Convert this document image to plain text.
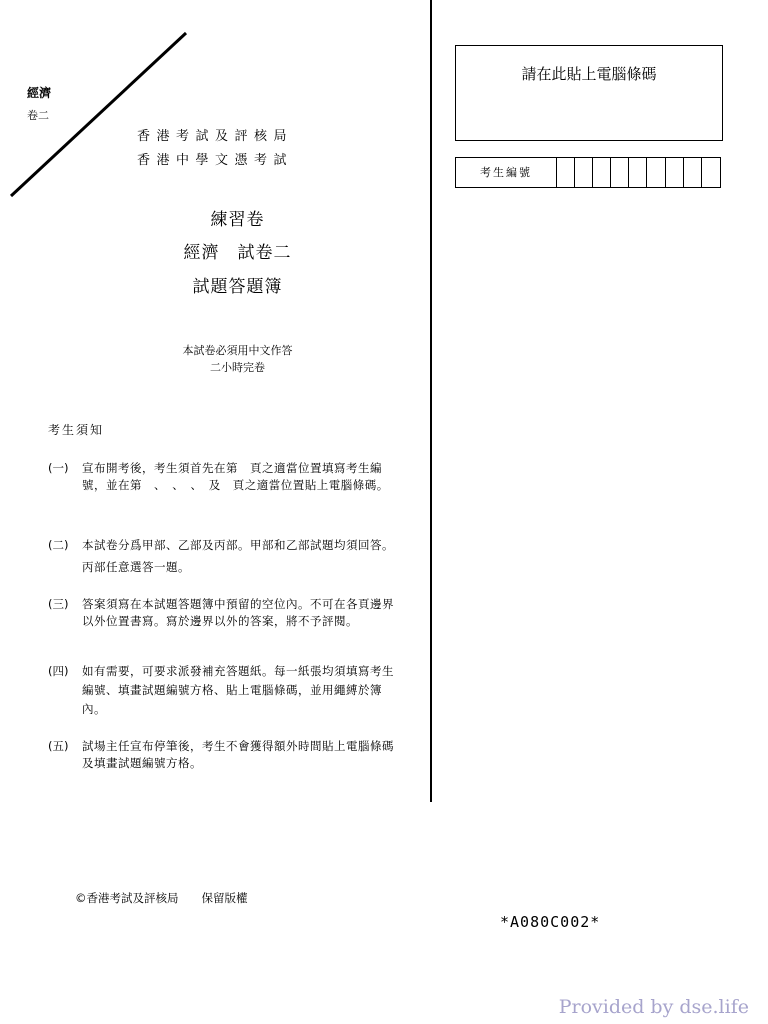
經濟
卷二
香港考試及評核局
香港中學文憑考試
練習卷
經濟　試卷二
試題答題簿
本試卷必須用中文作答
二小時完卷
考生須知
(一)	宣布開考後，考生須首先在第　頁之適當位置填寫考生編號，並在第　、　、　、　及　頁之適當位置貼上電腦條碼。
(二)	本試卷分爲甲部、乙部及丙部。甲部和乙部試題均須回答。丙部任意選答一題。
(三)	答案須寫在本試題答題簿中預留的空位內。不可在各頁邊界以外位置書寫。寫於邊界以外的答案，將不予評閱。
(四)	如有需要，可要求派發補充答題紙。每一紙張均須填寫考生編號、填畫試題編號方格、貼上電腦條碼，並用繩縛於簿內。
(五)	試場主任宣布停筆後，考生不會獲得額外時間貼上電腦條碼及填畫試題編號方格。
請在此貼上電腦條碼
考生編號
©香港考試及評核局　　保留版權
*A080C002*
Provided by dse.life
